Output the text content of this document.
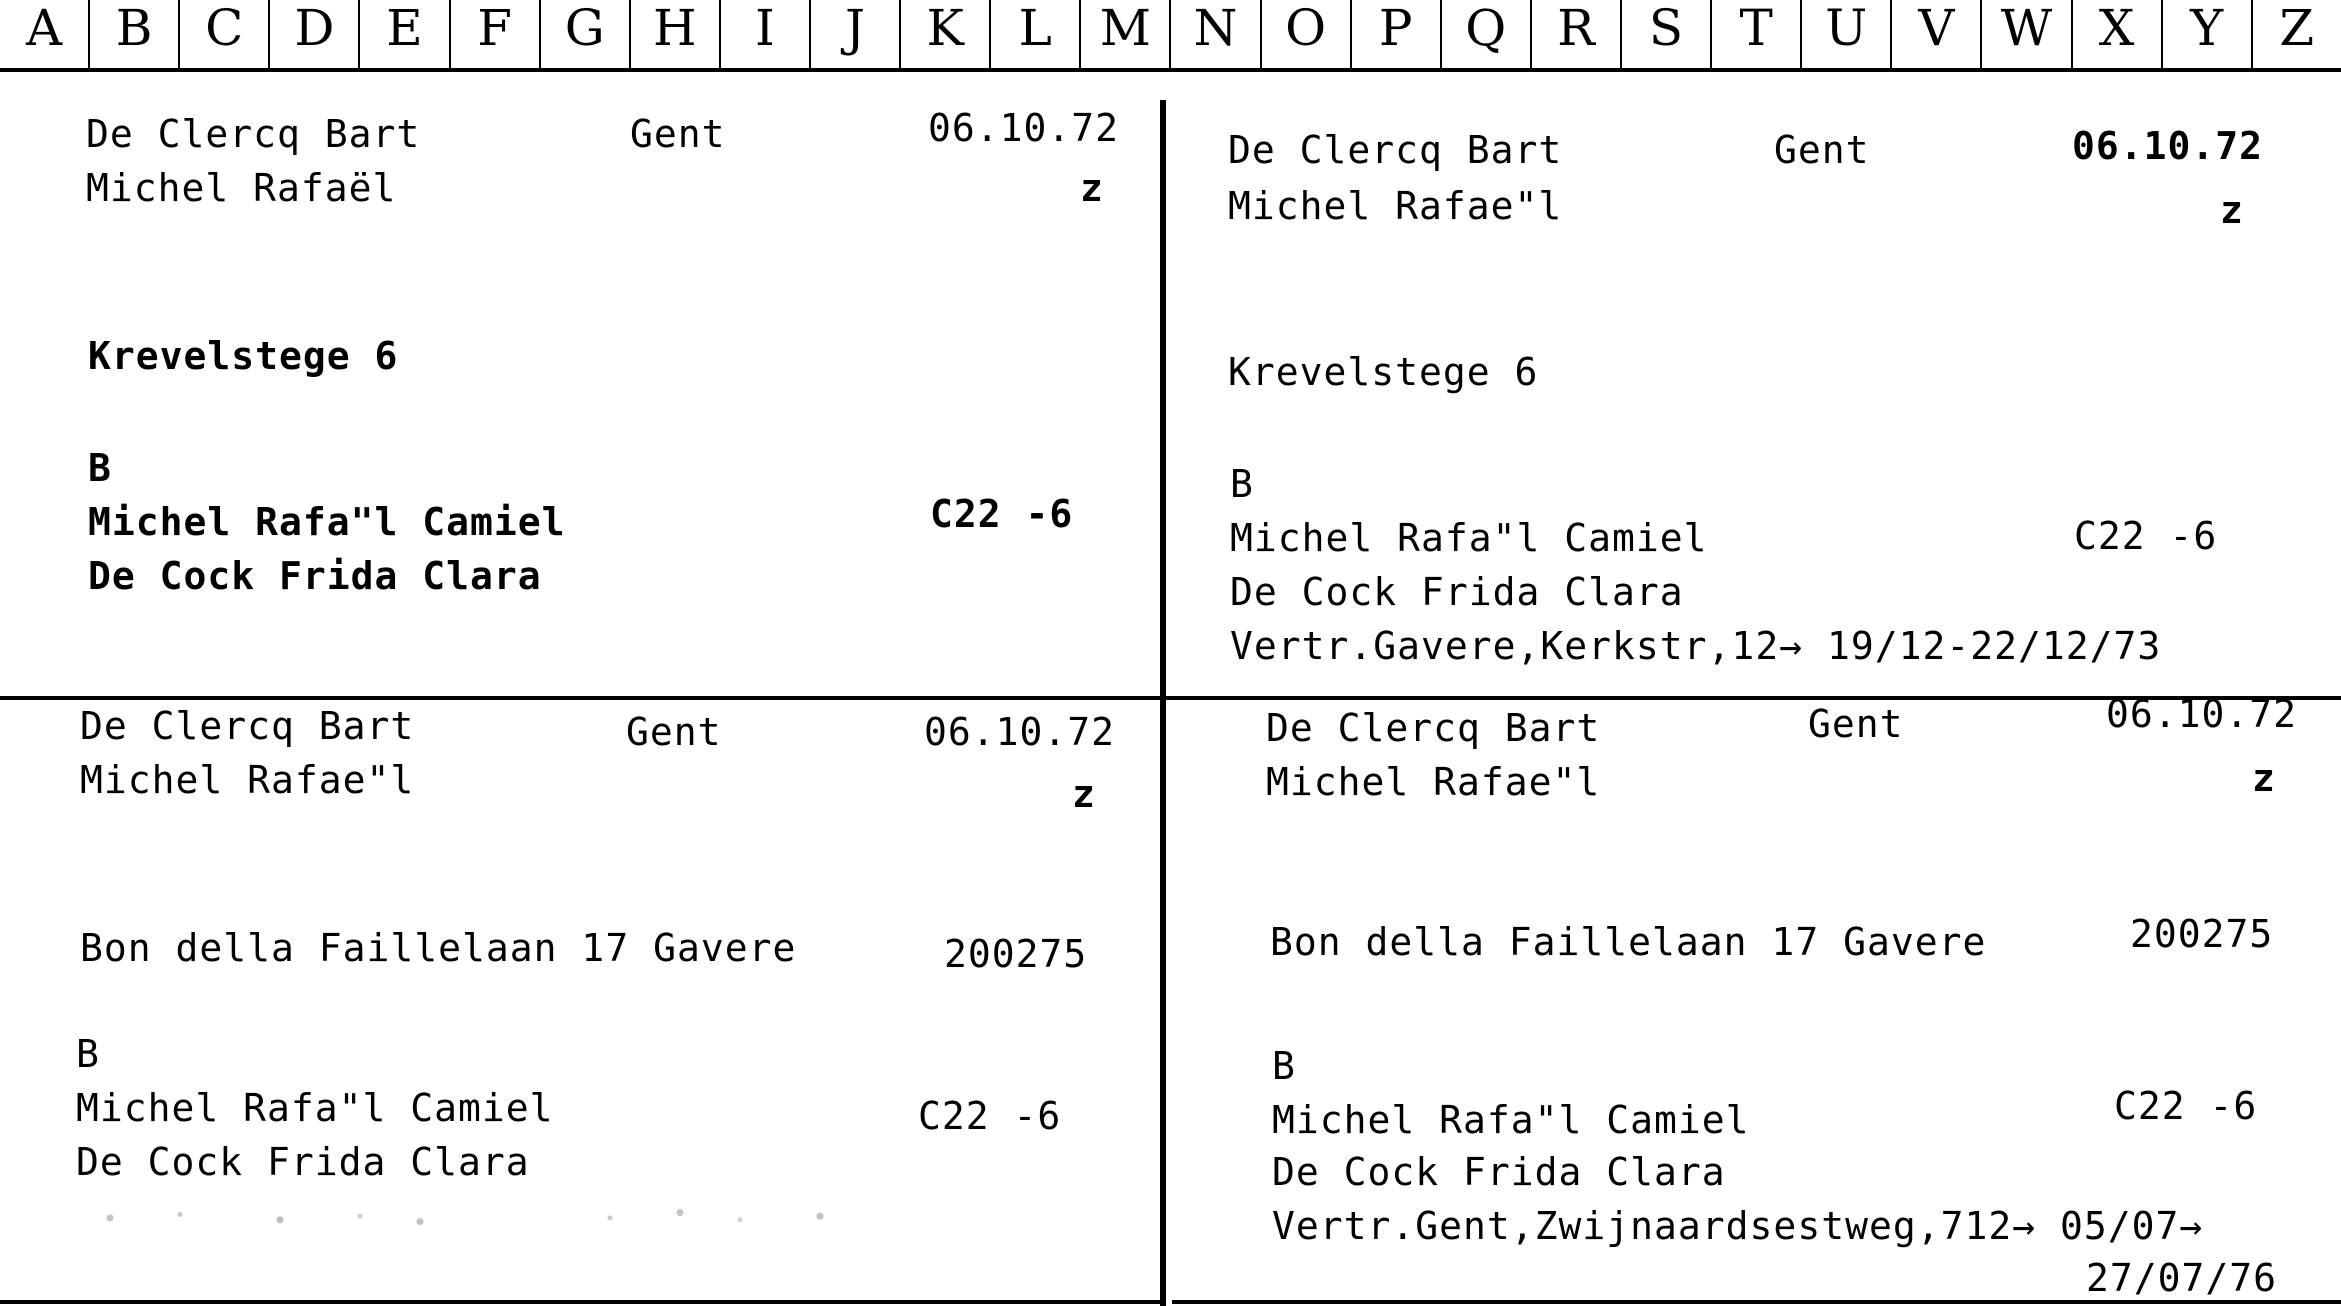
A	B	C	D	E	F	G H	I	J	K	L M N O	P	Q	R	S	T	U	V W X	Y	Z
De Clercq Bart	Gent	06.10.72
Michel Rafaël	z
Krevelstege 6
B
Michel Rafa"l Camiel	C22 -6
De Cock Frida Clara
De Clercq Bart	Gent	06.10.72
Michel Rafae"l	z
Krevelstege 6
B
Michel Rafa"l Camiel	C22 -6
De Cock Frida Clara
Vertr.Gavere,Kerkstr,12→ 19/12-22/12/73
De Clercq Bart	Gent	06.10.72
Michel Rafae"l	z
Bon della Faillelaan 17 Gavere	200275
B
Michel Rafa"l Camiel	C22 -6
De Cock Frida Clara
De Clercq Bart	Gent	06.10.72
Michel Rafae"l	z
Bon della Faillelaan 17 Gavere	200275
B
Michel Rafa"l Camiel	C22 -6
De Cock Frida Clara
Vertr.Gent,Zwijnaardsestweg,712→ 05/07→
27/07/76
